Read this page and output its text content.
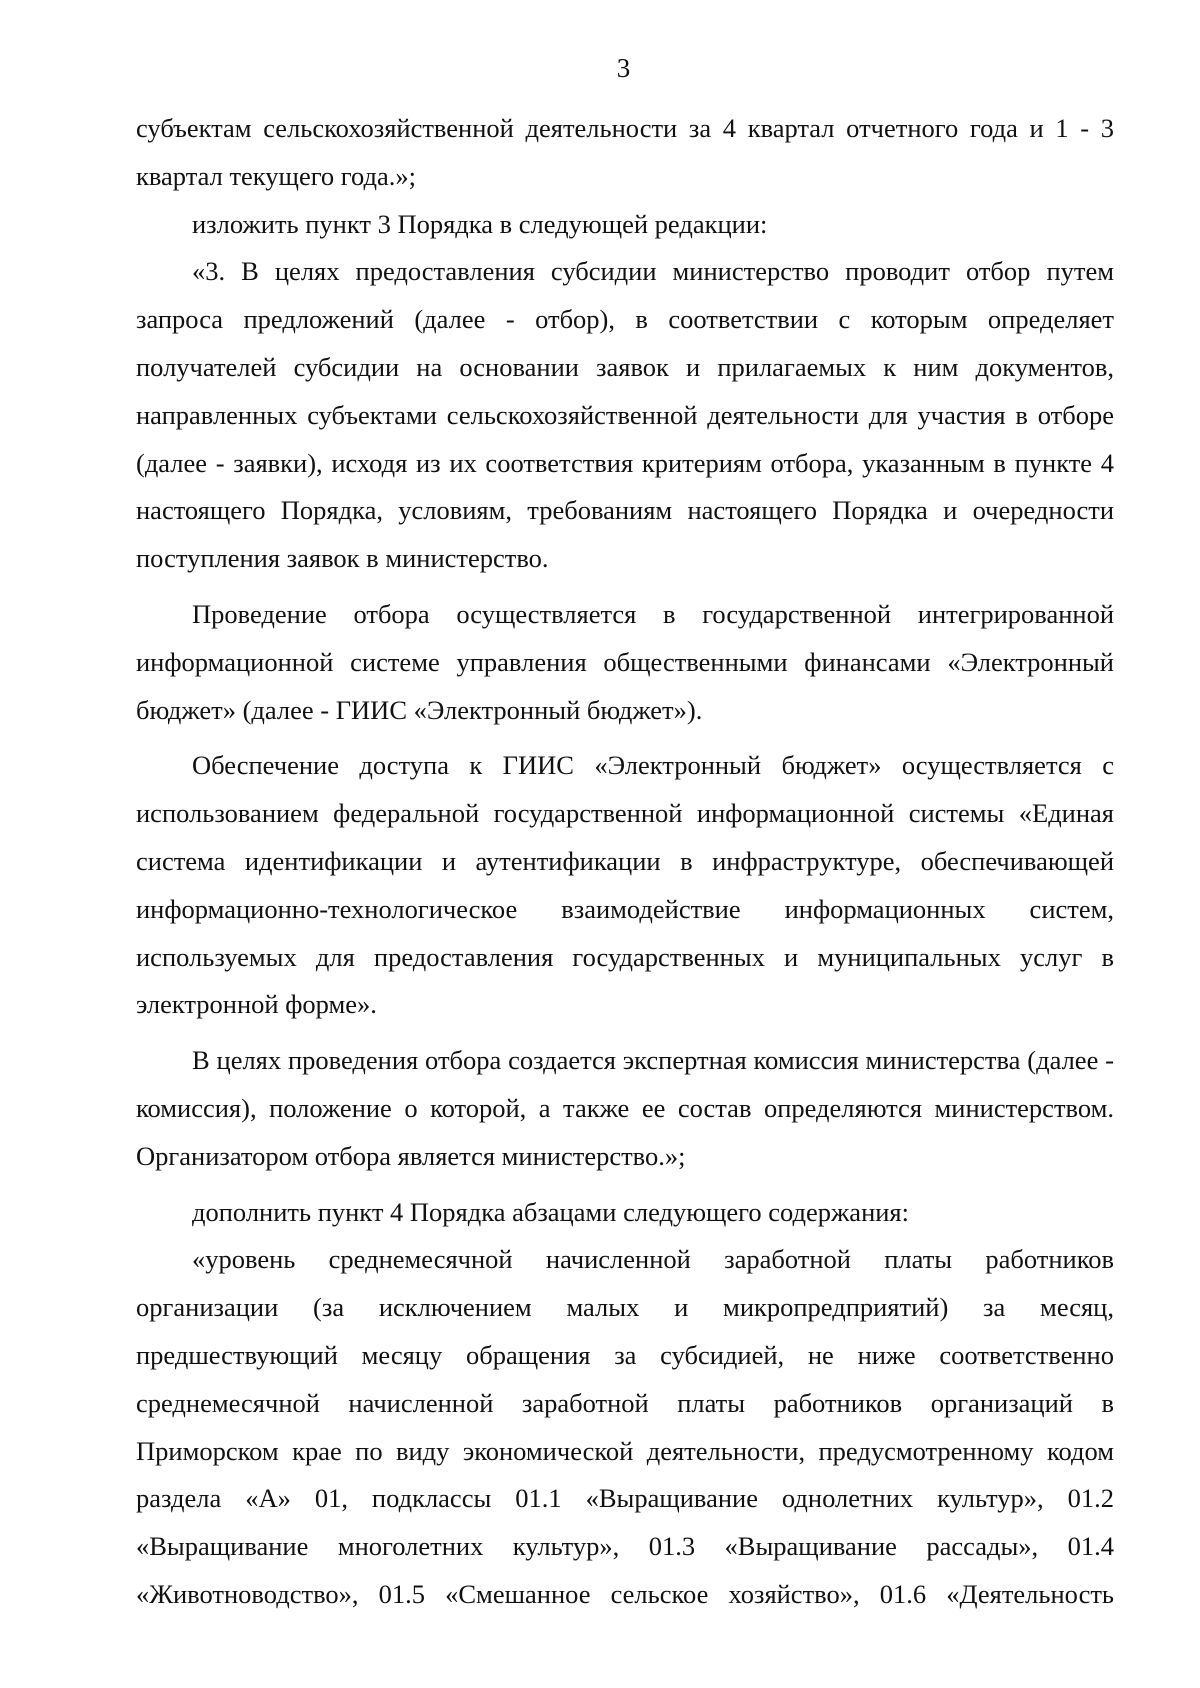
3

субъектам сельскохозяйственной деятельности за 4 квартал отчетного года и 1 - 3 квартал текущего года.»;

изложить пункт 3 Порядка в следующей редакции:

«3. В целях предоставления субсидии министерство проводит отбор путем запроса предложений (далее - отбор), в соответствии с которым определяет получателей субсидии на основании заявок и прилагаемых к ним документов, направленных субъектами сельскохозяйственной деятельности для участия в отборе (далее - заявки), исходя из их соответствия критериям отбора, указанным в пункте 4 настоящего Порядка, условиям, требованиям настоящего Порядка и очередности поступления заявок в министерство.

Проведение отбора осуществляется в государственной интегрированной информационной системе управления общественными финансами «Электронный бюджет» (далее - ГИИС «Электронный бюджет»).

Обеспечение доступа к ГИИС «Электронный бюджет» осуществляется с использованием федеральной государственной информационной системы «Единая система идентификации и аутентификации в инфраструктуре, обеспечивающей информационно-технологическое взаимодействие информационных систем, используемых для предоставления государственных и муниципальных услуг в электронной форме».

В целях проведения отбора создается экспертная комиссия министерства (далее - комиссия), положение о которой, а также ее состав определяются министерством. Организатором отбора является министерство.»;

дополнить пункт 4 Порядка абзацами следующего содержания:

«уровень среднемесячной начисленной заработной платы работников организации (за исключением малых и микропредприятий) за месяц, предшествующий месяцу обращения за субсидией, не ниже соответственно среднемесячной начисленной заработной платы работников организаций в Приморском крае по виду экономической деятельности, предусмотренному кодом раздела «А» 01, подклассы 01.1 «Выращивание однолетних культур», 01.2 «Выращивание многолетних культур», 01.3 «Выращивание рассады», 01.4 «Животноводство», 01.5 «Смешанное сельское хозяйство», 01.6 «Деятельность
